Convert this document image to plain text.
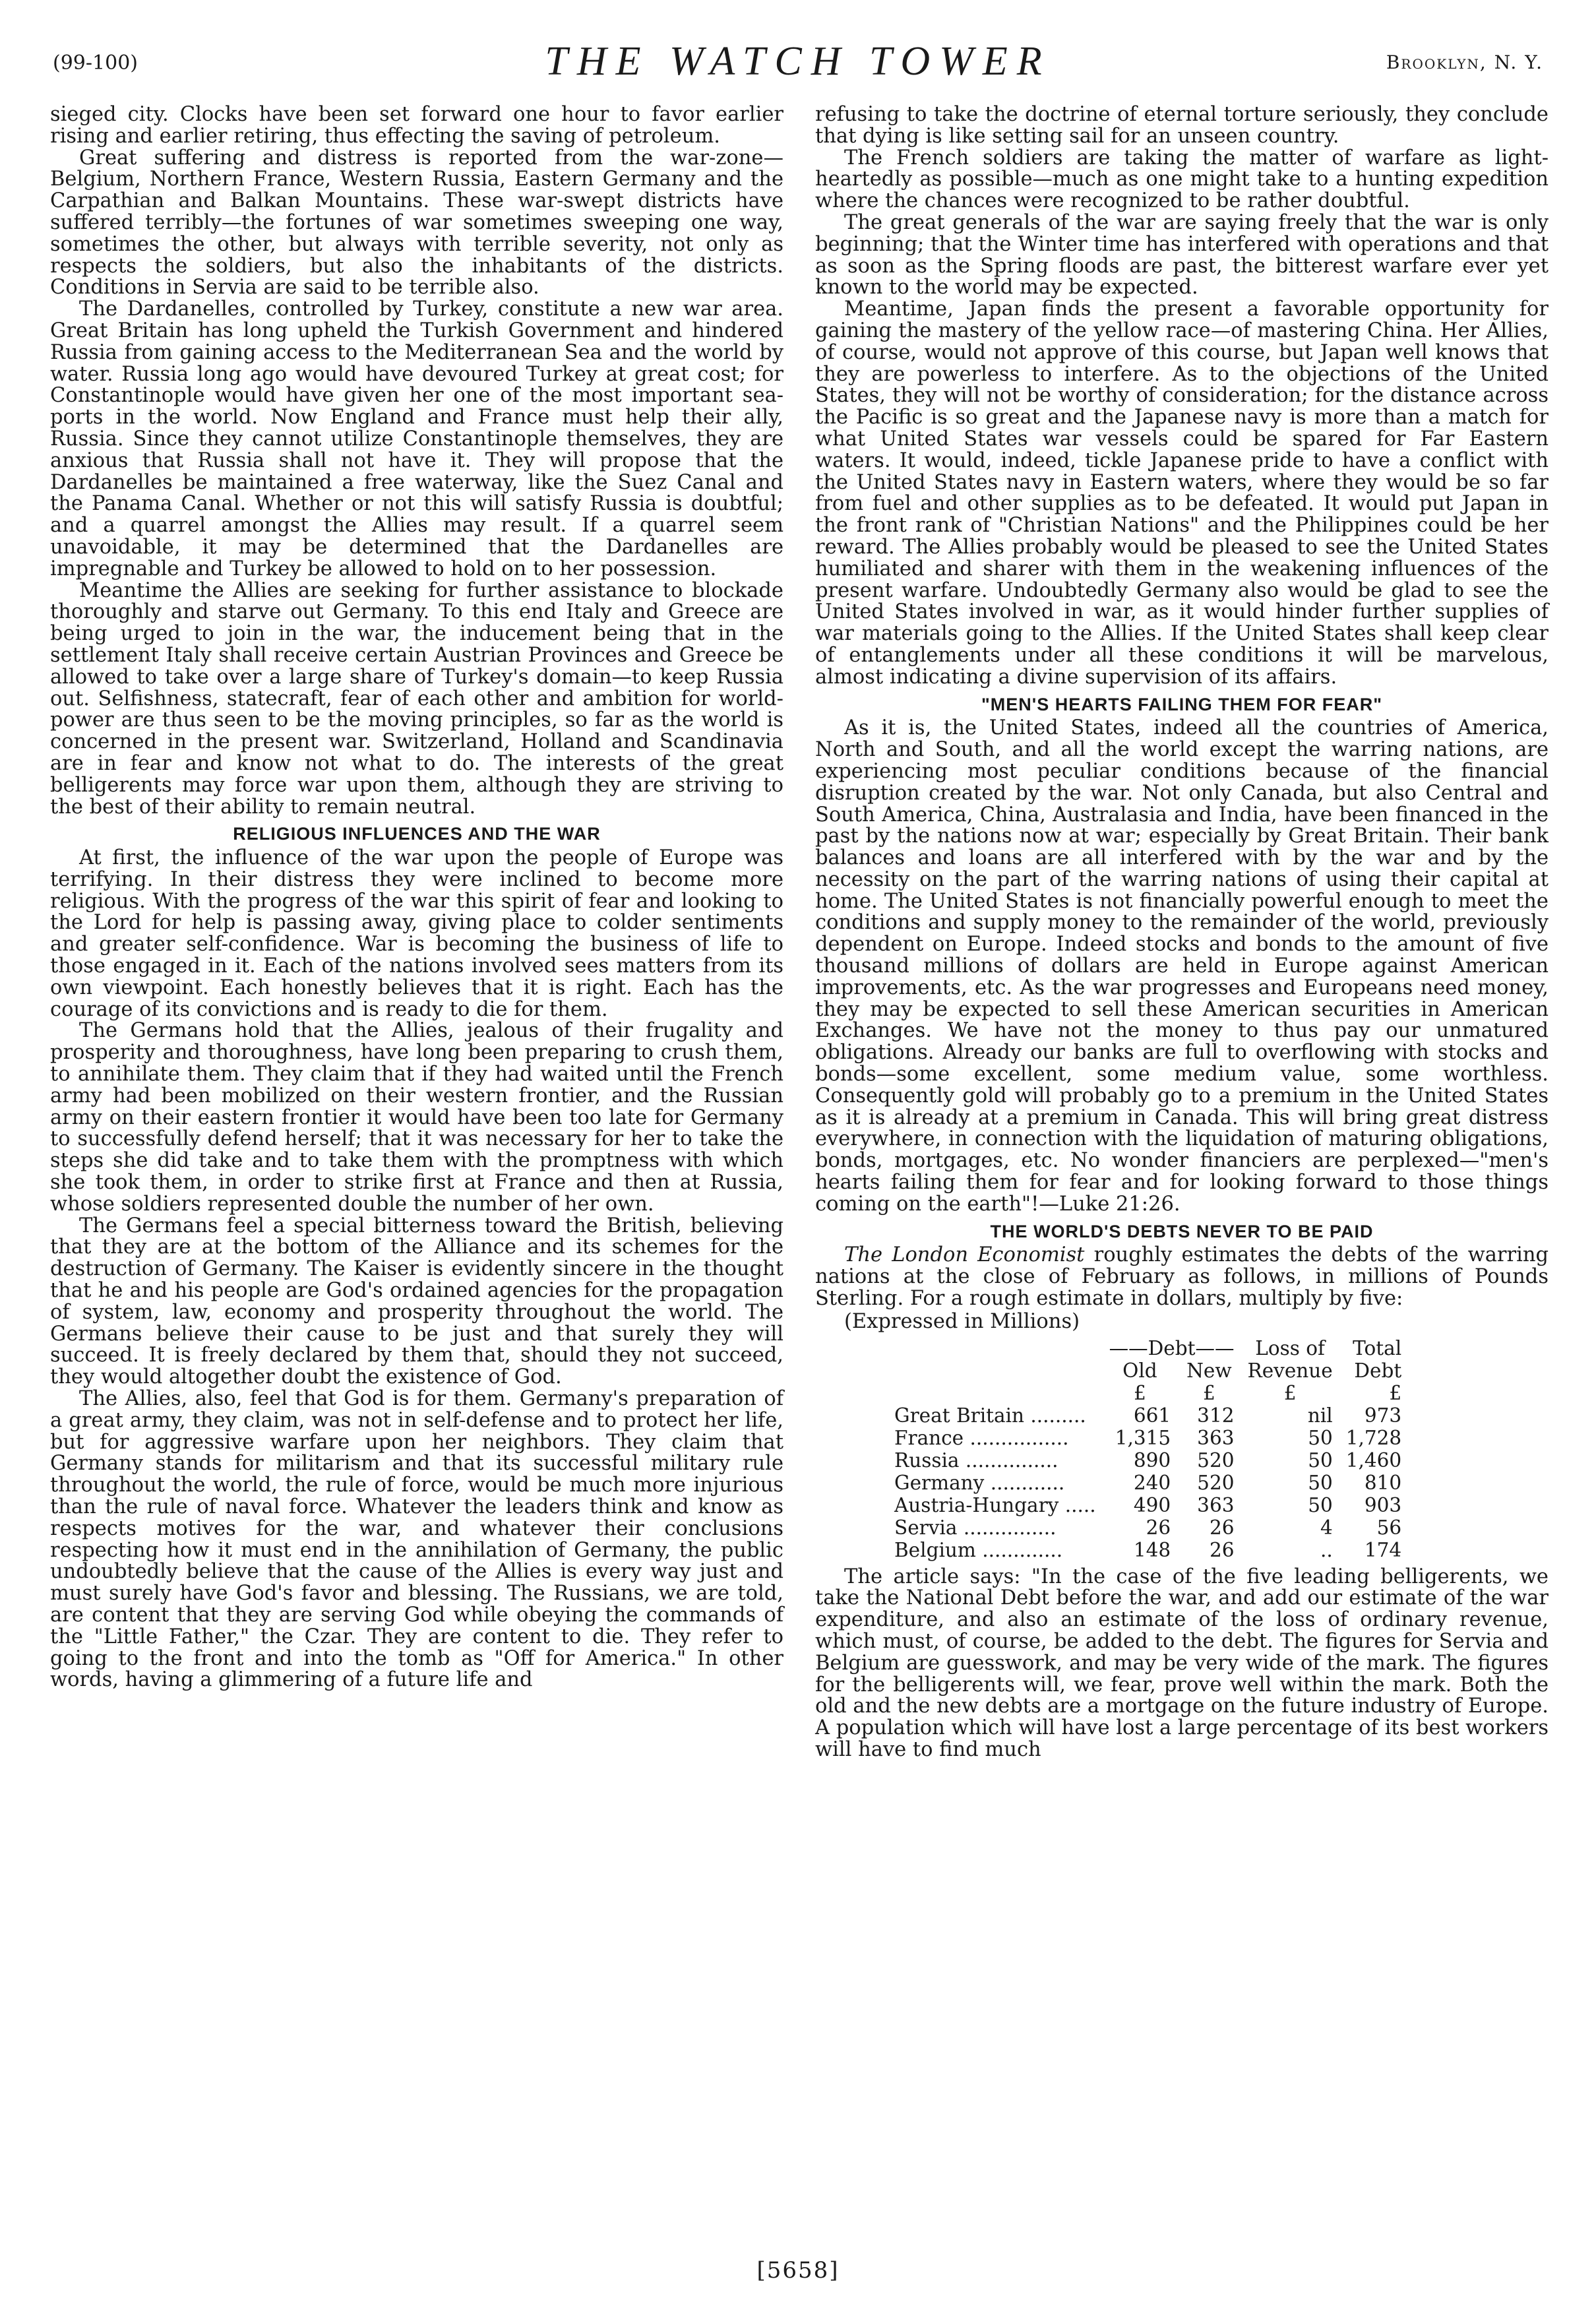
(99-100)	THE WATCH TOWER	Brooklyn, N. Y.

sieged city. Clocks have been set forward one hour to favor earlier rising and earlier retiring, thus effecting the saving of petroleum.

Great suffering and distress is reported from the war-zone—Belgium, Northern France, Western Russia, Eastern Germany and the Carpathian and Balkan Mountains. These war-swept districts have suffered terribly—the fortunes of war sometimes sweeping one way, sometimes the other, but always with terrible severity, not only as respects the soldiers, but also the inhabitants of the districts. Conditions in Servia are said to be terrible also.

The Dardanelles, controlled by Turkey, constitute a new war area. Great Britain has long upheld the Turkish Government and hindered Russia from gaining access to the Mediterranean Sea and the world by water. Russia long ago would have devoured Turkey at great cost; for Constantinople would have given her one of the most important sea-ports in the world. Now England and France must help their ally, Russia. Since they cannot utilize Constantinople themselves, they are anxious that Russia shall not have it. They will propose that the Dardanelles be maintained a free waterway, like the Suez Canal and the Panama Canal. Whether or not this will satisfy Russia is doubtful; and a quarrel amongst the Allies may result. If a quarrel seem unavoidable, it may be determined that the Dardanelles are impregnable and Turkey be allowed to hold on to her possession.

Meantime the Allies are seeking for further assistance to blockade thoroughly and starve out Germany. To this end Italy and Greece are being urged to join in the war, the inducement being that in the settlement Italy shall receive certain Austrian Provinces and Greece be allowed to take over a large share of Turkey's domain—to keep Russia out. Selfishness, statecraft, fear of each other and ambition for world-power are thus seen to be the moving principles, so far as the world is concerned in the present war. Switzerland, Holland and Scandinavia are in fear and know not what to do. The interests of the great belligerents may force war upon them, although they are striving to the best of their ability to remain neutral.

RELIGIOUS INFLUENCES AND THE WAR

At first, the influence of the war upon the people of Europe was terrifying. In their distress they were inclined to become more religious. With the progress of the war this spirit of fear and looking to the Lord for help is passing away, giving place to colder sentiments and greater self-confidence. War is becoming the business of life to those engaged in it. Each of the nations involved sees matters from its own viewpoint. Each honestly believes that it is right. Each has the courage of its convictions and is ready to die for them.

The Germans hold that the Allies, jealous of their frugality and prosperity and thoroughness, have long been preparing to crush them, to annihilate them. They claim that if they had waited until the French army had been mobilized on their western frontier, and the Russian army on their eastern frontier it would have been too late for Germany to successfully defend herself; that it was necessary for her to take the steps she did take and to take them with the promptness with which she took them, in order to strike first at France and then at Russia, whose soldiers represented double the number of her own.

The Germans feel a special bitterness toward the British, believing that they are at the bottom of the Alliance and its schemes for the destruction of Germany. The Kaiser is evidently sincere in the thought that he and his people are God's ordained agencies for the propagation of system, law, economy and prosperity throughout the world. The Germans believe their cause to be just and that surely they will succeed. It is freely declared by them that, should they not succeed, they would altogether doubt the existence of God.

The Allies, also, feel that God is for them. Germany's preparation of a great army, they claim, was not in self-defense and to protect her life, but for aggressive warfare upon her neighbors. They claim that Germany stands for militarism and that its successful military rule throughout the world, the rule of force, would be much more injurious than the rule of naval force. Whatever the leaders think and know as respects motives for the war, and whatever their conclusions respecting how it must end in the annihilation of Germany, the public undoubtedly believe that the cause of the Allies is every way just and must surely have God's favor and blessing. The Russians, we are told, are content that they are serving God while obeying the commands of the "Little Father," the Czar. They are content to die. They refer to going to the front and into the tomb as "Off for America." In other words, having a glimmering of a future life and

refusing to take the doctrine of eternal torture seriously, they conclude that dying is like setting sail for an unseen country.

The French soldiers are taking the matter of warfare as light-heartedly as possible—much as one might take to a hunting expedition where the chances were recognized to be rather doubtful.

The great generals of the war are saying freely that the war is only beginning; that the Winter time has interfered with operations and that as soon as the Spring floods are past, the bitterest warfare ever yet known to the world may be expected.

Meantime, Japan finds the present a favorable opportunity for gaining the mastery of the yellow race—of mastering China. Her Allies, of course, would not approve of this course, but Japan well knows that they are powerless to interfere. As to the objections of the United States, they will not be worthy of consideration; for the distance across the Pacific is so great and the Japanese navy is more than a match for what United States war vessels could be spared for Far Eastern waters. It would, indeed, tickle Japanese pride to have a conflict with the United States navy in Eastern waters, where they would be so far from fuel and other supplies as to be defeated. It would put Japan in the front rank of "Christian Nations" and the Philippines could be her reward. The Allies probably would be pleased to see the United States humiliated and sharer with them in the weakening influences of the present warfare. Undoubtedly Germany also would be glad to see the United States involved in war, as it would hinder further supplies of war materials going to the Allies. If the United States shall keep clear of entanglements under all these conditions it will be marvelous, almost indicating a divine supervision of its affairs.

"MEN'S HEARTS FAILING THEM FOR FEAR"

As it is, the United States, indeed all the countries of America, North and South, and all the world except the warring nations, are experiencing most peculiar conditions because of the financial disruption created by the war. Not only Canada, but also Central and South America, China, Australasia and India, have been financed in the past by the nations now at war; especially by Great Britain. Their bank balances and loans are all interfered with by the war and by the necessity on the part of the warring nations of using their capital at home. The United States is not financially powerful enough to meet the conditions and supply money to the remainder of the world, previously dependent on Europe. Indeed stocks and bonds to the amount of five thousand millions of dollars are held in Europe against American improvements, etc. As the war progresses and Europeans need money, they may be expected to sell these American securities in American Exchanges. We have not the money to thus pay our unmatured obligations. Already our banks are full to overflowing with stocks and bonds—some excellent, some medium value, some worthless. Consequently gold will probably go to a premium in the United States as it is already at a premium in Canada. This will bring great distress everywhere, in connection with the liquidation of maturing obligations, bonds, mortgages, etc. No wonder financiers are perplexed—"men's hearts failing them for fear and for looking forward to those things coming on the earth"!—Luke 21:26.

THE WORLD'S DEBTS NEVER TO BE PAID

The London Economist roughly estimates the debts of the warring nations at the close of February as follows, in millions of Pounds Sterling. For a rough estimate in dollars, multiply by five:

(Expressed in Millions)

	——Debt——		Loss of	Total
	Old	New	Revenue	Debt
	£	£	£	£
Great Britain .........	661	312	nil	973
France ................	1,315	363	50	1,728
Russia ...............	890	520	50	1,460
Germany ............	240	520	50	810
Austria-Hungary .....	490	363	50	903
Servia ...............	26	26	4	56
Belgium .............	148	26	..	174

The article says: "In the case of the five leading belligerents, we take the National Debt before the war, and add our estimate of the war expenditure, and also an estimate of the loss of ordinary revenue, which must, of course, be added to the debt. The figures for Servia and Belgium are guesswork, and may be very wide of the mark. The figures for the belligerents will, we fear, prove well within the mark. Both the old and the new debts are a mortgage on the future industry of Europe. A population which will have lost a large percentage of its best workers will have to find much

[5658]
